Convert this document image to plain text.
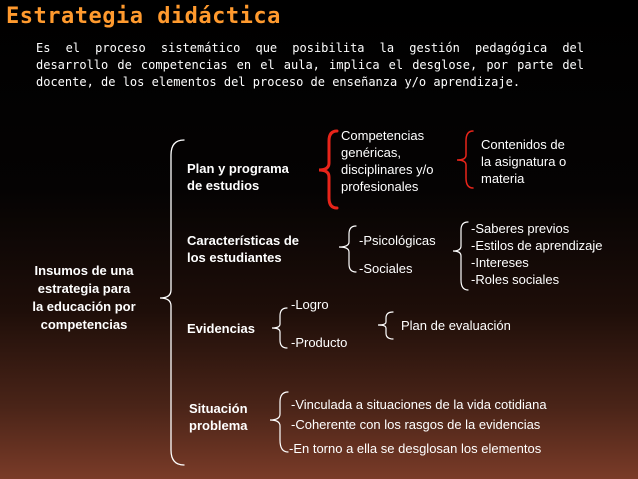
Estrategia didáctica
Es el proceso sistemático que posibilita la gestión pedagógica del desarrollo de competencias en el aula, implica el desglose, por parte del docente, de los elementos del proceso de enseñanza y/o aprendizaje.
Insumos de una
estrategia para
la educación por
competencias
Plan y programa
de estudios
Competencias
genéricas,
disciplinares y/o
profesionales
Contenidos de
la asignatura o
materia
Características de
los estudiantes
-Psicológicas
-Sociales
-Saberes previos
-Estilos de aprendizaje
-Intereses
-Roles sociales
Evidencias
-Logro
-Producto
Plan de evaluación
Situación
problema
-Vinculada a situaciones de la vida cotidiana
-Coherente con los rasgos de la evidencias
-En torno a ella se desglosan los elementos
